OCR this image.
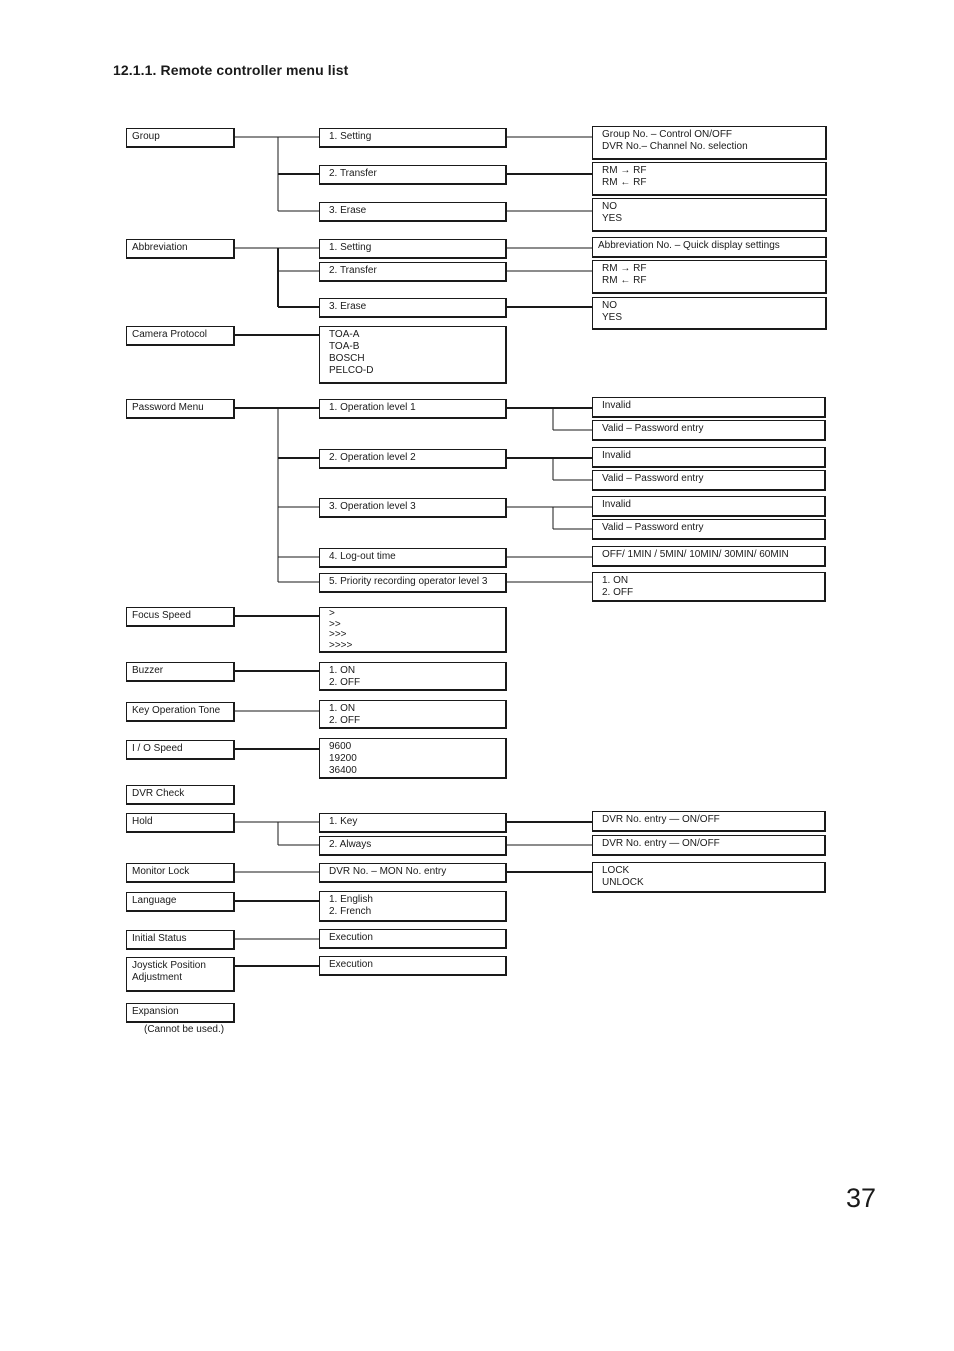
12.1.1. Remote controller menu list
Group
Abbreviation
Camera Protocol
Password Menu
Focus Speed
Buzzer
Key Operation Tone
I / O Speed
DVR Check
Hold
Monitor Lock
Language
Initial Status
Joystick Position
Adjustment
Expansion
(Cannot be used.)
1. Setting
2. Transfer
3. Erase
1. Setting
2. Transfer
3. Erase
TOA-A
TOA-B
BOSCH
PELCO-D
1. Operation level 1
2. Operation level 2
3. Operation level 3
4. Log-out time
5. Priority recording operator level 3
>
>>
>>>
>>>>
1. ON
2. OFF
1. ON
2. OFF
9600
19200
36400
1. Key
2. Always
DVR No. – MON No. entry
1. English
2. French
Execution
Execution
Group No. – Control ON/OFF
DVR No.– Channel No. selection
RM → RF
RM ← RF
NO
YES
Abbreviation No. – Quick display settings
RM → RF
RM ← RF
NO
YES
Invalid
Valid – Password entry
Invalid
Valid – Password entry
Invalid
Valid – Password entry
OFF/ 1MIN / 5MIN/ 10MIN/ 30MIN/ 60MIN
1. ON
2. OFF
DVR No. entry — ON/OFF
DVR No. entry — ON/OFF
LOCK
UNLOCK
37
